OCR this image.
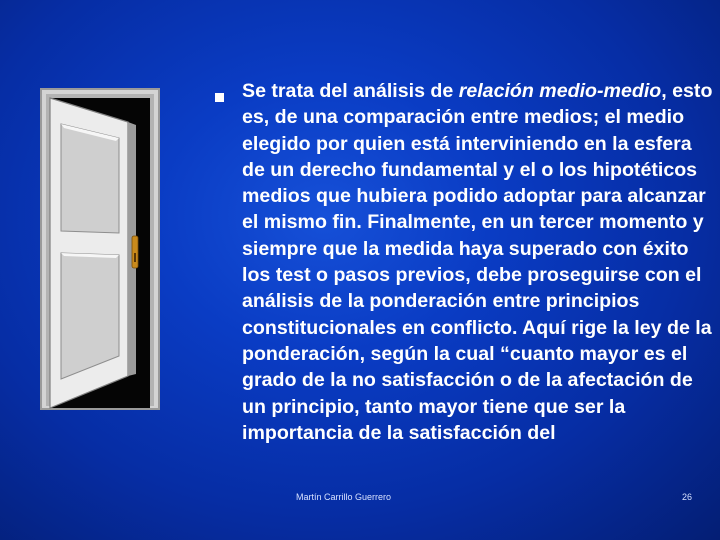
Se trata del análisis de relación medio-medio, esto es, de una comparación entre medios; el medio elegido por quien está interviniendo en la esfera de un derecho fundamental y el o los hipotéticos medios que hubiera podido adoptar para alcanzar el mismo fin. Finalmente, en un tercer momento y siempre que la medida haya superado con éxito los test o pasos previos, debe proseguirse con el análisis de la ponderación entre principios constitucionales en conflicto. Aquí rige la ley de la ponderación, según la cual “cuanto mayor es el grado de la no satisfacción o de la afectación de un principio, tanto mayor tiene que ser la importancia de la satisfacción del

Martín Carrillo Guerrero	26
